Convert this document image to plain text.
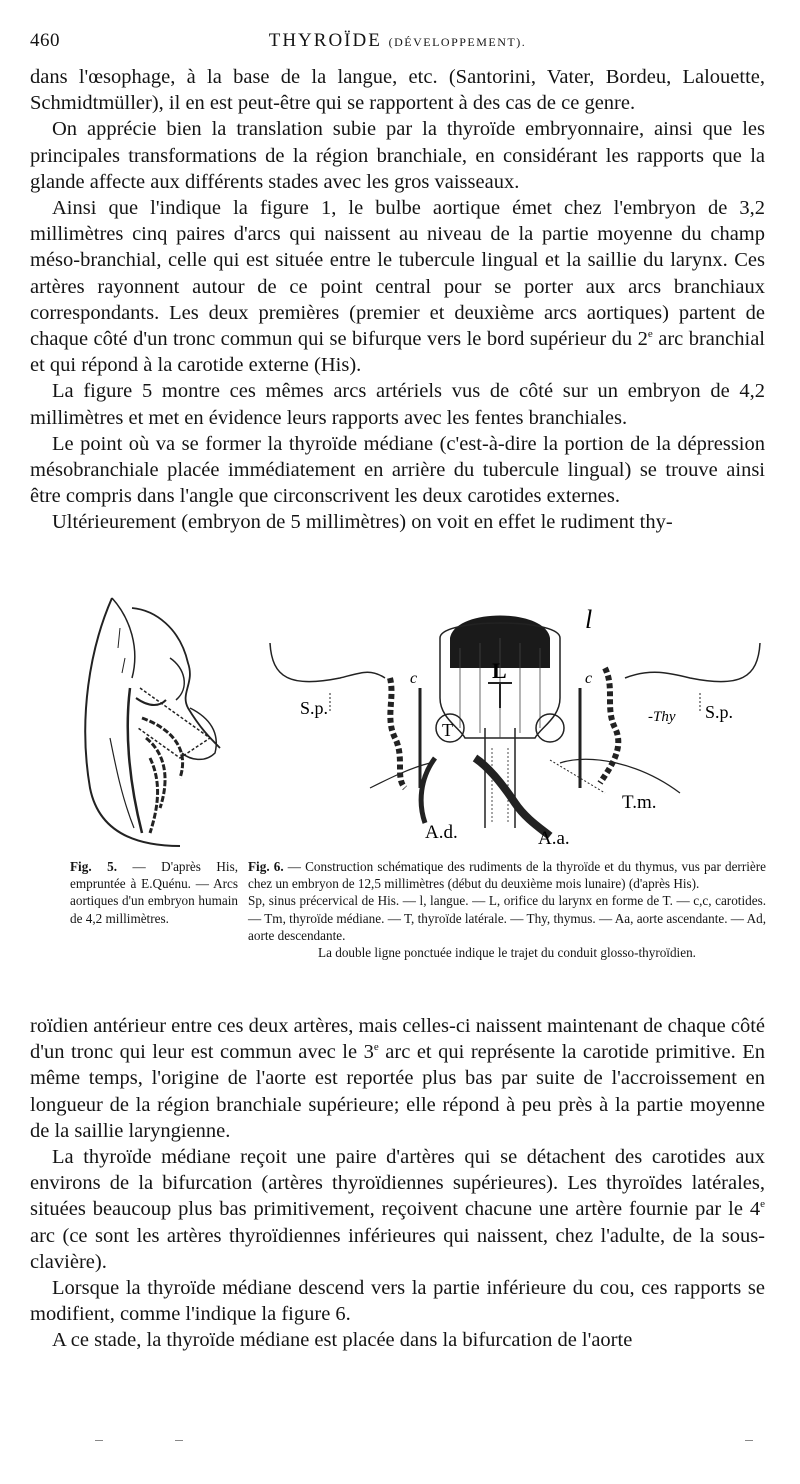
460	THYROÏDE (DÉVELOPPEMENT).

dans l'œsophage, à la base de la langue, etc. (Santorini, Vater, Bordeu, Lalouette, Schmidtmüller), il en est peut-être qui se rapportent à des cas de ce genre.

On apprécie bien la translation subie par la thyroïde embryonnaire, ainsi que les principales transformations de la région branchiale, en considérant les rapports que la glande affecte aux différents stades avec les gros vaisseaux.

Ainsi que l'indique la figure 1, le bulbe aortique émet chez l'embryon de 3,2 millimètres cinq paires d'arcs qui naissent au niveau de la partie moyenne du champ méso-branchial, celle qui est située entre le tubercule lingual et la saillie du larynx. Ces artères rayonnent autour de ce point central pour se porter aux arcs branchiaux correspondants. Les deux premières (premier et deuxième arcs aortiques) partent de chaque côté d'un tronc commun qui se bifurque vers le bord supérieur du 2e arc branchial et qui répond à la carotide externe (His).

La figure 5 montre ces mêmes arcs artériels vus de côté sur un embryon de 4,2 millimètres et met en évidence leurs rapports avec les fentes branchiales.

Le point où va se former la thyroïde médiane (c'est-à-dire la portion de la dépression mésobranchiale placée immédiatement en arrière du tubercule lingual) se trouve ainsi être compris dans l'angle que circonscrivent les deux carotides externes.

Ultérieurement (embryon de 5 millimètres) on voit en effet le rudiment thy-

l
L
T
c	c
S.p.	S.p.
-Thy
T.m.
A.d.	A.a.
Fig. 5. — D'après His, empruntée à E.Quénu. — Arcs aortiques d'un embryon humain de 4,2 millimètres.
Fig. 6. — Construction schématique des rudiments de la thyroïde et du thymus, vus par derrière chez un embryon de 12,5 millimètres (début du deuxième mois lunaire) (d'après His).
Sp, sinus précervical de His. — l, langue. — L, orifice du larynx en forme de T. — c,c, carotides. — Tm, thyroïde médiane. — T, thyroïde latérale. — Thy, thymus. — Aa, aorte ascendante. — Ad, aorte descendante.
La double ligne ponctuée indique le trajet du conduit glosso-thyroïdien.

roïdien antérieur entre ces deux artères, mais celles-ci naissent maintenant de chaque côté d'un tronc qui leur est commun avec le 3e arc et qui représente la carotide primitive. En même temps, l'origine de l'aorte est reportée plus bas par suite de l'accroissement en longueur de la région branchiale supérieure; elle répond à peu près à la partie moyenne de la saillie laryngienne.

La thyroïde médiane reçoit une paire d'artères qui se détachent des carotides aux environs de la bifurcation (artères thyroïdiennes supérieures). Les thyroïdes latérales, situées beaucoup plus bas primitivement, reçoivent chacune une artère fournie par le 4e arc (ce sont les artères thyroïdiennes inférieures qui naissent, chez l'adulte, de la sous-clavière).

Lorsque la thyroïde médiane descend vers la partie inférieure du cou, ces rapports se modifient, comme l'indique la figure 6.

A ce stade, la thyroïde médiane est placée dans la bifurcation de l'aorte
